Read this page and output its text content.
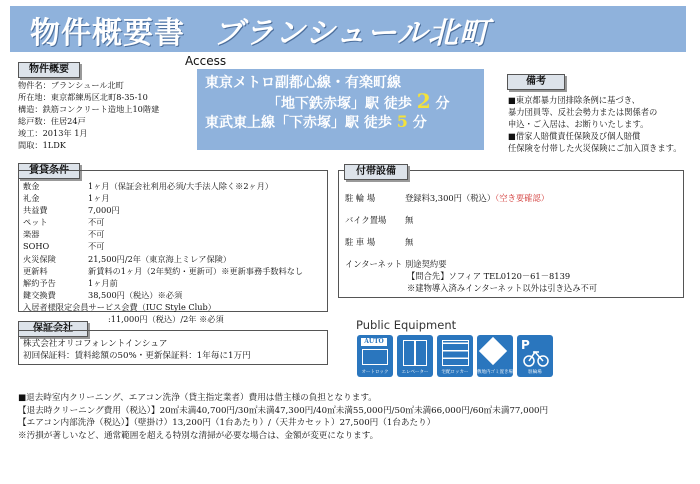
物件概要書 ブランシュール北町
物件概要
物件名：ブランシュール北町
所在地：東京都練馬区北町8-35-10
構造：鉄筋コンクリート造地上10階建
総戸数：住居24戸
竣工：2013年 1月
間取：1LDK
Access
東京メトロ副都心線・有楽町線
「地下鉄赤塚」駅 徒歩 2 分
東武東上線「下赤塚」駅 徒歩 5 分
備考
■東京都暴力団排除条例に基づき、
暴力団員等、反社会勢力または関係者の
申込・ご入居は、お断りいたします。
■借家人賠償責任保険及び個人賠償
任保険を付帯した火災保険にご加入頂きます。
賃貸条件
敷金	1ヶ月（保証会社利用必須/大手法人除く※2ヶ月）
礼金	1ヶ月
共益費	7,000円
ペット	不可
楽器	不可
SOHO	不可
火災保険	21,500円/2年（東京海上ミレア保険）
更新料	新賃料の1ヶ月（2年契約・更新可）※更新事務手数料なし
解約予告	1ヶ月前
鍵交換費	38,500円（税込）※必須
入居者様限定会員サービス会費（IUC Style Club）
:11,000円（税込）/2年 ※必須
付帯設備
駐 輪 場	登録料3,300円（税込）（空き要確認）
バイク置場 無
駐 車 場	無
インターネット 別途契約要
【問合先】ソフィア TEL0120－61－8139
※建物導入済みインターネット以外は引き込み不可
保証会社
株式会社オリコフォレントインシュア
初回保証料：賃料総額の50%・更新保証料：1年毎に1万円
Public Equipment
AUTO
オートロック	エレベーター	宅配ロッカー	敷地内ゴミ置き場
P
駐輪場
■退去時室内クリーニング、エアコン洗浄（貸主指定業者）費用は借主様の負担となります。
【退去時クリーニング費用（税込）】20㎡未満40,700円/30㎡未満47,300円/40㎡未満55,000円/50㎡未満66,000円/60㎡未満77,000円
【エアコン内部洗浄（税込）】（壁掛け）13,200円（1台あたり）/（天井カセット）27,500円（1台あたり）
※汚損が著しいなど、通常範囲を超える特別な清掃が必要な場合は、金額が変更になります。
